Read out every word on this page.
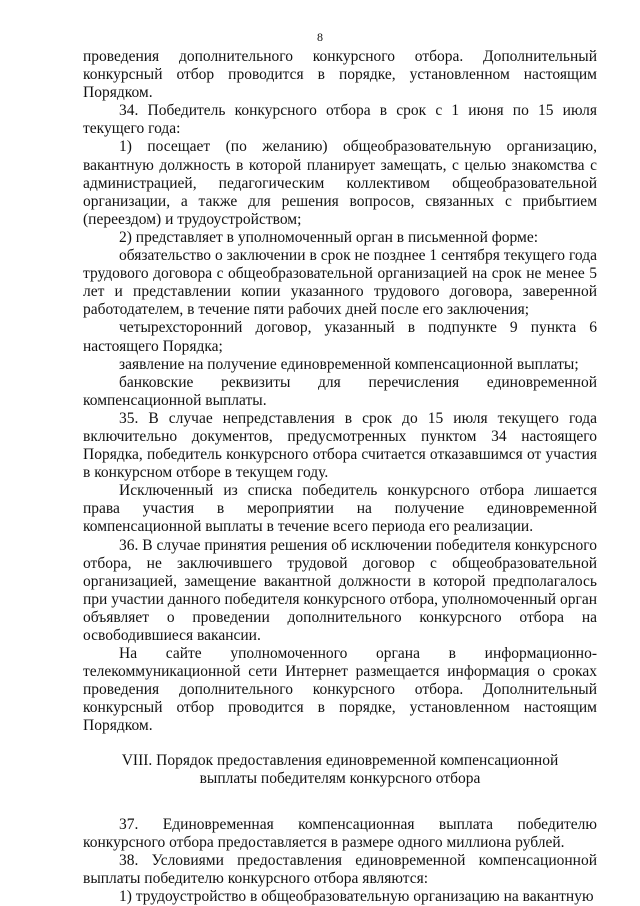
8

проведения дополнительного конкурсного отбора. Дополнительный конкурсный отбор проводится в порядке, установленном настоящим Порядком.

34. Победитель конкурсного отбора в срок с 1 июня по 15 июля текущего года:

1) посещает (по желанию) общеобразовательную организацию, вакантную должность в которой планирует замещать, с целью знакомства с администрацией, педагогическим коллективом общеобразовательной организации, а также для решения вопросов, связанных с прибытием (переездом) и трудоустройством;

2) представляет в уполномоченный орган в письменной форме:

обязательство о заключении в срок не позднее 1 сентября текущего года трудового договора с общеобразовательной организацией на срок не менее 5 лет и представлении копии указанного трудового договора, заверенной работодателем, в течение пяти рабочих дней после его заключения;

четырехсторонний договор, указанный в подпункте 9 пункта 6 настоящего Порядка;

заявление на получение единовременной компенсационной выплаты;

банковские реквизиты для перечисления единовременной компенсационной выплаты.

35. В случае непредставления в срок до 15 июля текущего года включительно документов, предусмотренных пунктом 34 настоящего Порядка, победитель конкурсного отбора считается отказавшимся от участия в конкурсном отборе в текущем году.

Исключенный из списка победитель конкурсного отбора лишается права участия в мероприятии на получение единовременной компенсационной выплаты в течение всего периода его реализации.

36. В случае принятия решения об исключении победителя конкурсного отбора, не заключившего трудовой договор с общеобразовательной организацией, замещение вакантной должности в которой предполагалось при участии данного победителя конкурсного отбора, уполномоченный орган объявляет о проведении дополнительного конкурсного отбора на освободившиеся вакансии.

На сайте уполномоченного органа в информационно-телекоммуникационной сети Интернет размещается информация о сроках проведения дополнительного конкурсного отбора. Дополнительный конкурсный отбор проводится в порядке, установленном настоящим Порядком.

VIII. Порядок предоставления единовременной компенсационной выплаты победителям конкурсного отбора

37. Единовременная компенсационная выплата победителю конкурсного отбора предоставляется в размере одного миллиона рублей.

38. Условиями предоставления единовременной компенсационной выплаты победителю конкурсного отбора являются:

1) трудоустройство в общеобразовательную организацию на вакантную
